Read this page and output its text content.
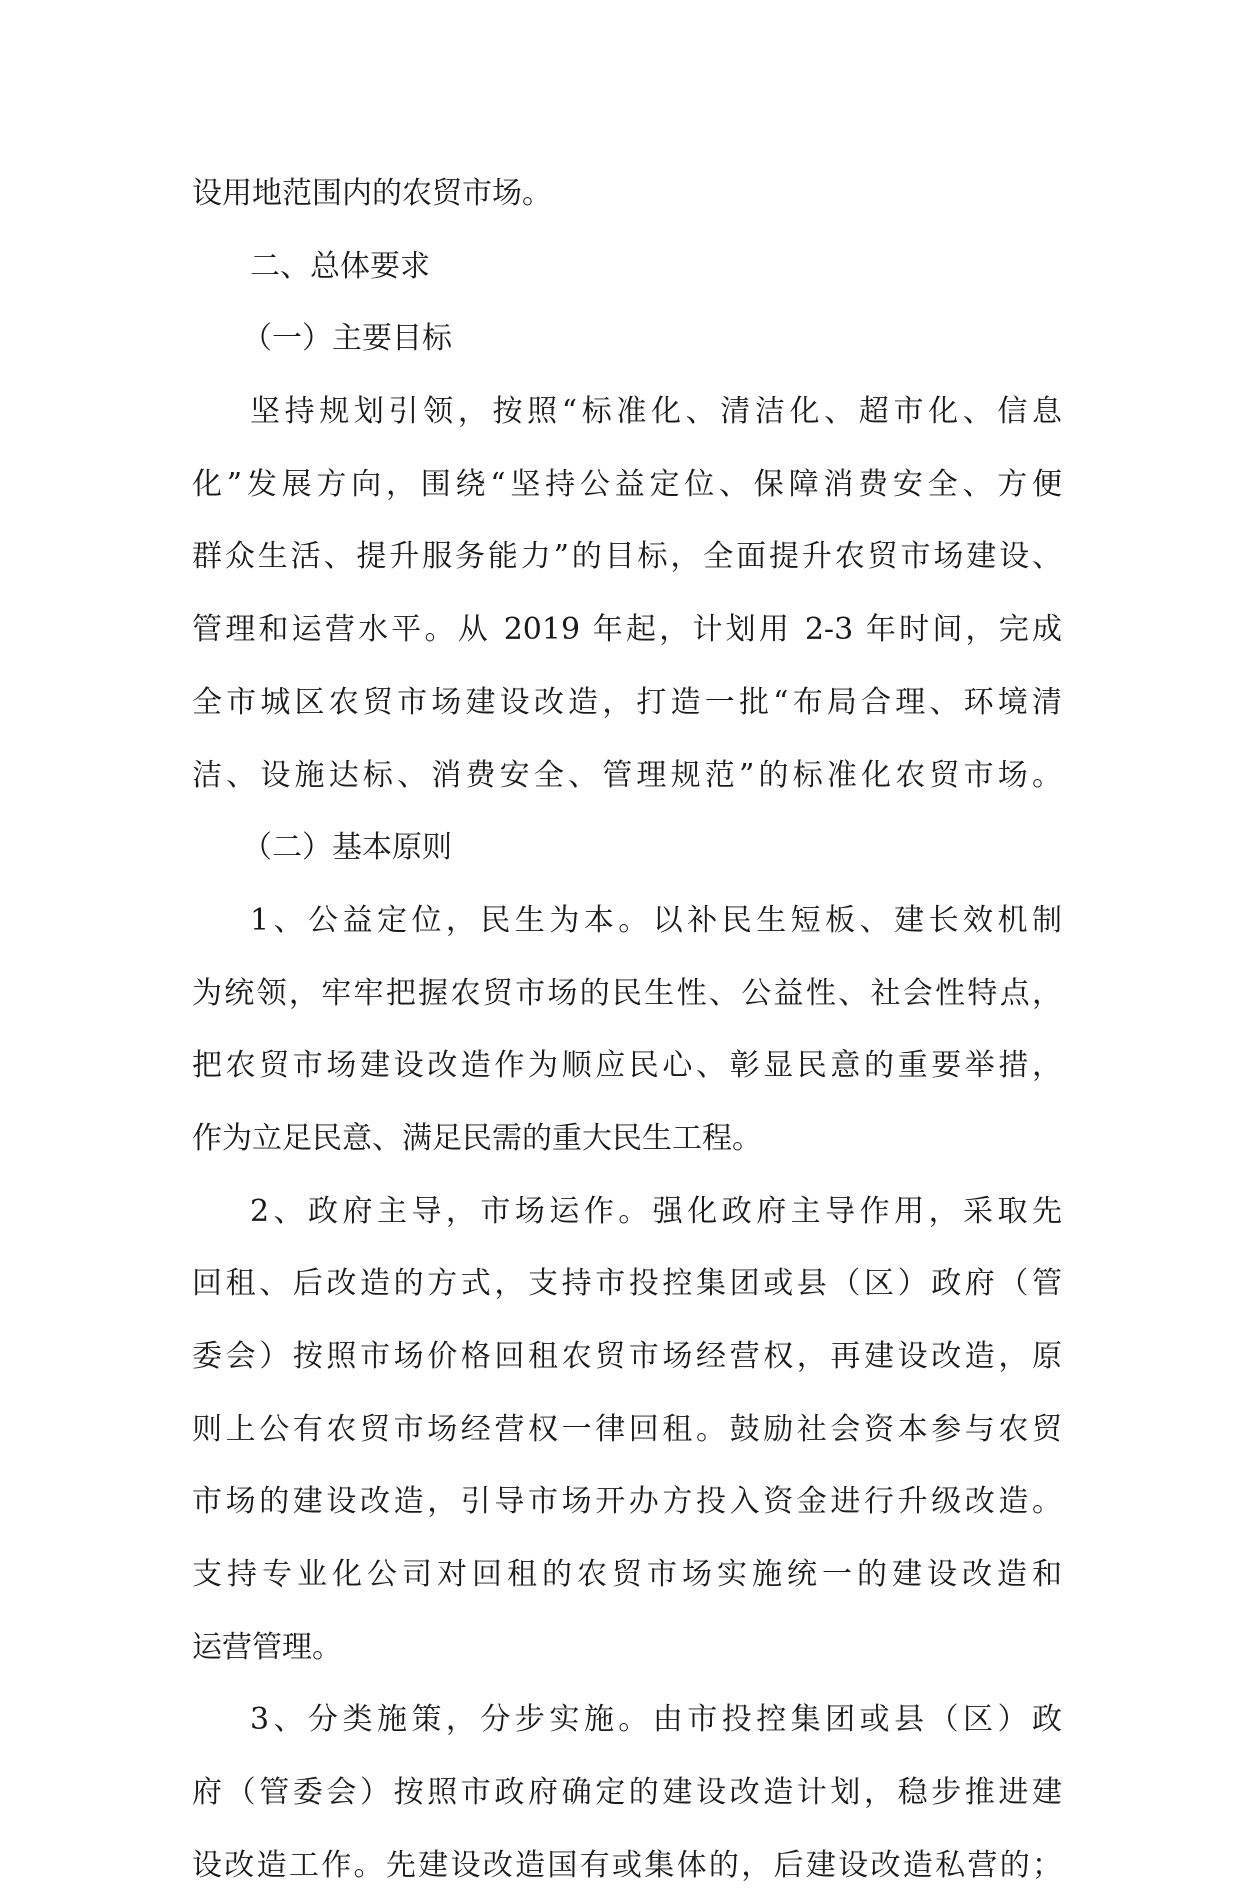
设用地范围内的农贸市场。
二、总体要求
（一）主要目标
坚持规划引领，按照“标准化、清洁化、超市化、信息
化”发展方向，围绕“坚持公益定位、保障消费安全、方便
群众生活、提升服务能力”的目标，全面提升农贸市场建设、
管理和运营水平。从 2019 年起，计划用 2-3 年时间，完成
全市城区农贸市场建设改造，打造一批“布局合理、环境清
洁、设施达标、消费安全、管理规范”的标准化农贸市场。
（二）基本原则
1、公益定位，民生为本。以补民生短板、建长效机制
为统领，牢牢把握农贸市场的民生性、公益性、社会性特点，
把农贸市场建设改造作为顺应民心、彰显民意的重要举措，
作为立足民意、满足民需的重大民生工程。
2、政府主导，市场运作。强化政府主导作用，采取先
回租、后改造的方式，支持市投控集团或县（区）政府（管
委会）按照市场价格回租农贸市场经营权，再建设改造，原
则上公有农贸市场经营权一律回租。鼓励社会资本参与农贸
市场的建设改造，引导市场开办方投入资金进行升级改造。
支持专业化公司对回租的农贸市场实施统一的建设改造和
运营管理。
3、分类施策，分步实施。由市投控集团或县（区）政
府（管委会）按照市政府确定的建设改造计划，稳步推进建
设改造工作。先建设改造国有或集体的，后建设改造私营的；
